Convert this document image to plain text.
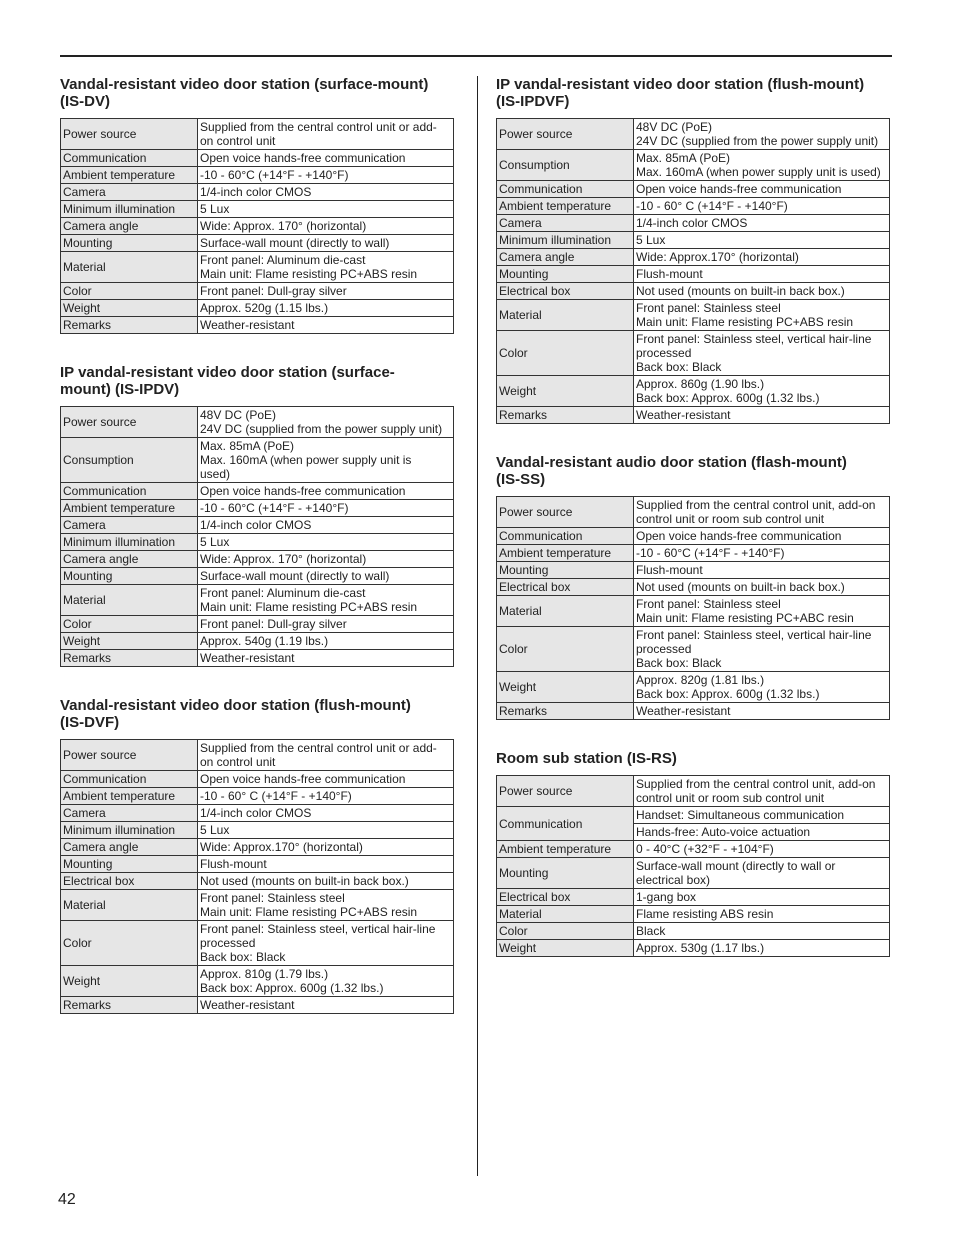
Vandal-resistant video door station (surface-mount)
(IS-DV)
Power source	Supplied from the central control unit or add-
on control unit
Communication	Open voice hands-free communication
Ambient temperature	-10 - 60°C (+14°F - +140°F)
Camera	1/4-inch color CMOS
Minimum illumination	5 Lux
Camera angle	Wide: Approx. 170° (horizontal)
Mounting	Surface-wall mount (directly to wall)
Material	Front panel: Aluminum die-cast
Main unit: Flame resisting PC+ABS resin
Color	Front panel: Dull-gray silver
Weight	Approx. 520g (1.15 lbs.)
Remarks	Weather-resistant
IP vandal-resistant video door station (surface-
mount) (IS-IPDV)
Power source	48V DC (PoE)
24V DC (supplied from the power supply unit)
Consumption	Max. 85mA (PoE)
Max. 160mA (when power supply unit is
used)
Communication	Open voice hands-free communication
Ambient temperature	-10 - 60°C (+14°F - +140°F)
Camera	1/4-inch color CMOS
Minimum illumination	5 Lux
Camera angle	Wide: Approx. 170° (horizontal)
Mounting	Surface-wall mount (directly to wall)
Material	Front panel: Aluminum die-cast
Main unit: Flame resisting PC+ABS resin
Color	Front panel: Dull-gray silver
Weight	Approx. 540g (1.19 lbs.)
Remarks	Weather-resistant
Vandal-resistant video door station (flush-mount)
(IS-DVF)
Power source	Supplied from the central control unit or add-
on control unit
Communication	Open voice hands-free communication
Ambient temperature	-10 - 60° C (+14°F - +140°F)
Camera	1/4-inch color CMOS
Minimum illumination	5 Lux
Camera angle	Wide: Approx.170° (horizontal)
Mounting	Flush-mount
Electrical box	Not used (mounts on built-in back box.)
Material	Front panel: Stainless steel
Main unit: Flame resisting PC+ABS resin
Color	Front panel: Stainless steel, vertical hair-line
processed
Back box: Black
Weight	Approx. 810g (1.79 lbs.)
Back box: Approx. 600g (1.32 lbs.)
Remarks	Weather-resistant
IP vandal-resistant video door station (flush-mount)
(IS-IPDVF)
Power source	48V DC (PoE)
24V DC (supplied from the power supply unit)
Consumption	Max. 85mA (PoE)
Max. 160mA (when power supply unit is used)
Communication	Open voice hands-free communication
Ambient temperature	-10 - 60° C (+14°F - +140°F)
Camera	1/4-inch color CMOS
Minimum illumination	5 Lux
Camera angle	Wide: Approx.170° (horizontal)
Mounting	Flush-mount
Electrical box	Not used (mounts on built-in back box.)
Material	Front panel: Stainless steel
Main unit: Flame resisting PC+ABS resin
Color	Front panel: Stainless steel, vertical hair-line
processed
Back box: Black
Weight	Approx. 860g (1.90 lbs.)
Back box: Approx. 600g (1.32 lbs.)
Remarks	Weather-resistant
Vandal-resistant audio door station (flash-mount)
(IS-SS)
Power source	Supplied from the central control unit, add-on
control unit or room sub control unit
Communication	Open voice hands-free communication
Ambient temperature	-10 - 60°C (+14°F - +140°F)
Mounting	Flush-mount
Electrical box	Not used (mounts on built-in back box.)
Material	Front panel: Stainless steel
Main unit: Flame resisting PC+ABC resin
Color	Front panel: Stainless steel, vertical hair-line
processed
Back box: Black
Weight	Approx. 820g (1.81 lbs.)
Back box: Approx. 600g (1.32 lbs.)
Remarks	Weather-resistant
Room sub station (IS-RS)
Power source	Supplied from the central control unit, add-on
control unit or room sub control unit
Communication	Handset: Simultaneous communication
	Hands-free: Auto-voice actuation
Ambient temperature	0 - 40°C (+32°F - +104°F)
Mounting	Surface-wall mount (directly to wall or
electrical box)
Electrical box	1-gang box
Material	Flame resisting ABS resin
Color	Black
Weight	Approx. 530g (1.17 lbs.)
42
